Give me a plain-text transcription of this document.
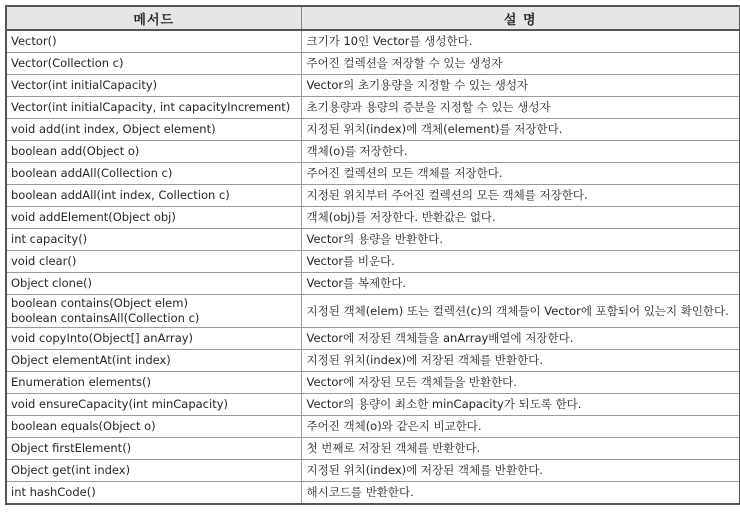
메서드	설 명

Vector()	크기가 10인 Vector를 생성한다.

Vector(Collection c)	주어진 컬렉션을 저장할 수 있는 생성자

Vector(int initialCapacity)	Vector의 초기용량을 지정할 수 있는 생성자

Vector(int initialCapacity, int capacityIncrement)	초기용량과 용량의 증분을 지정할 수 있는 생성자

void add(int index, Object element)	지정된 위치(index)에 객체(element)를 저장한다.

boolean add(Object o)	객체(o)를 저장한다.

boolean addAll(Collection c)	주어진 컬렉션의 모든 객체를 저장한다.

boolean addAll(int index, Collection c)	지정된 위치부터 주어진 컬렉션의 모든 객체를 저장한다.

void addElement(Object obj)	객체(obj)를 저장한다. 반환값은 없다.

int capacity()	Vector의 용량을 반환한다.

void clear()	Vector를 비운다.

Object clone()	Vector를 복제한다.

boolean contains(Object elem)
boolean containsAll(Collection c)	지정된 객체(elem) 또는 컬렉션(c)의 객체들이 Vector에 포함되어 있는지 확인한다.

void copyInto(Object[] anArray)	Vector에 저장된 객체들을 anArray배열에 저장한다.

Object elementAt(int index)	지정된 위치(index)에 저장된 객체를 반환한다.

Enumeration elements()	Vector에 저장된 모든 객체들을 반환한다.

void ensureCapacity(int minCapacity)	Vector의 용량이 최소한 minCapacity가 되도록 한다.

boolean equals(Object o)	주어진 객체(o)와 같은지 비교한다.

Object firstElement()	첫 번째로 저장된 객체를 반환한다.

Object get(int index)	지정된 위치(index)에 저장된 객체를 반환한다.

int hashCode()	해시코드를 반환한다.
